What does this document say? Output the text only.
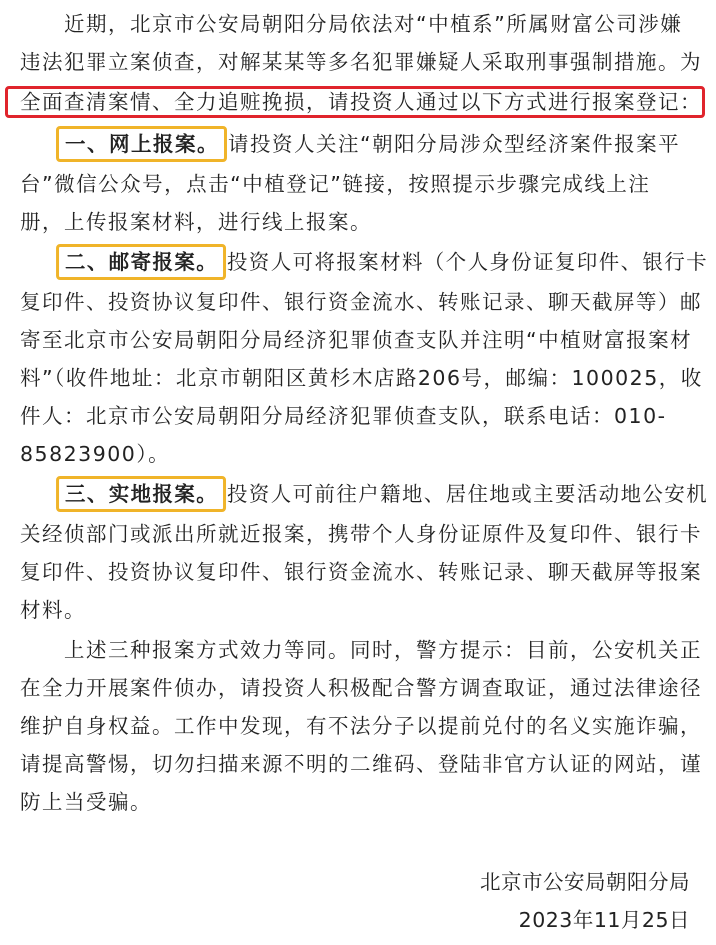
近期，北京市公安局朝阳分局依法对“中植系”所属财富公司涉嫌
违法犯罪立案侦查，对解某某等多名犯罪嫌疑人采取刑事强制措施。为
全面查清案情、全力追赃挽损，请投资人通过以下方式进行报案登记：
一、网上报案。 请投资人关注“朝阳分局涉众型经济案件报案平
台”微信公众号，点击“中植登记”链接，按照提示步骤完成线上注
册，上传报案材料，进行线上报案。
二、邮寄报案。 投资人可将报案材料（个人身份证复印件、银行卡
复印件、投资协议复印件、银行资金流水、转账记录、聊天截屏等）邮
寄至北京市公安局朝阳分局经济犯罪侦查支队并注明“中植财富报案材
料”（收件地址：北京市朝阳区黄杉木店路206号，邮编：100025，收
件人：北京市公安局朝阳分局经济犯罪侦查支队，联系电话：010-
85823900）。
三、实地报案。 投资人可前往户籍地、居住地或主要活动地公安机
关经侦部门或派出所就近报案，携带个人身份证原件及复印件、银行卡
复印件、投资协议复印件、银行资金流水、转账记录、聊天截屏等报案
材料。
上述三种报案方式效力等同。同时，警方提示：目前，公安机关正
在全力开展案件侦办，请投资人积极配合警方调查取证，通过法律途径
维护自身权益。工作中发现，有不法分子以提前兑付的名义实施诈骗，
请提高警惕，切勿扫描来源不明的二维码、登陆非官方认证的网站，谨
防上当受骗。
北京市公安局朝阳分局
2023年11月25日
